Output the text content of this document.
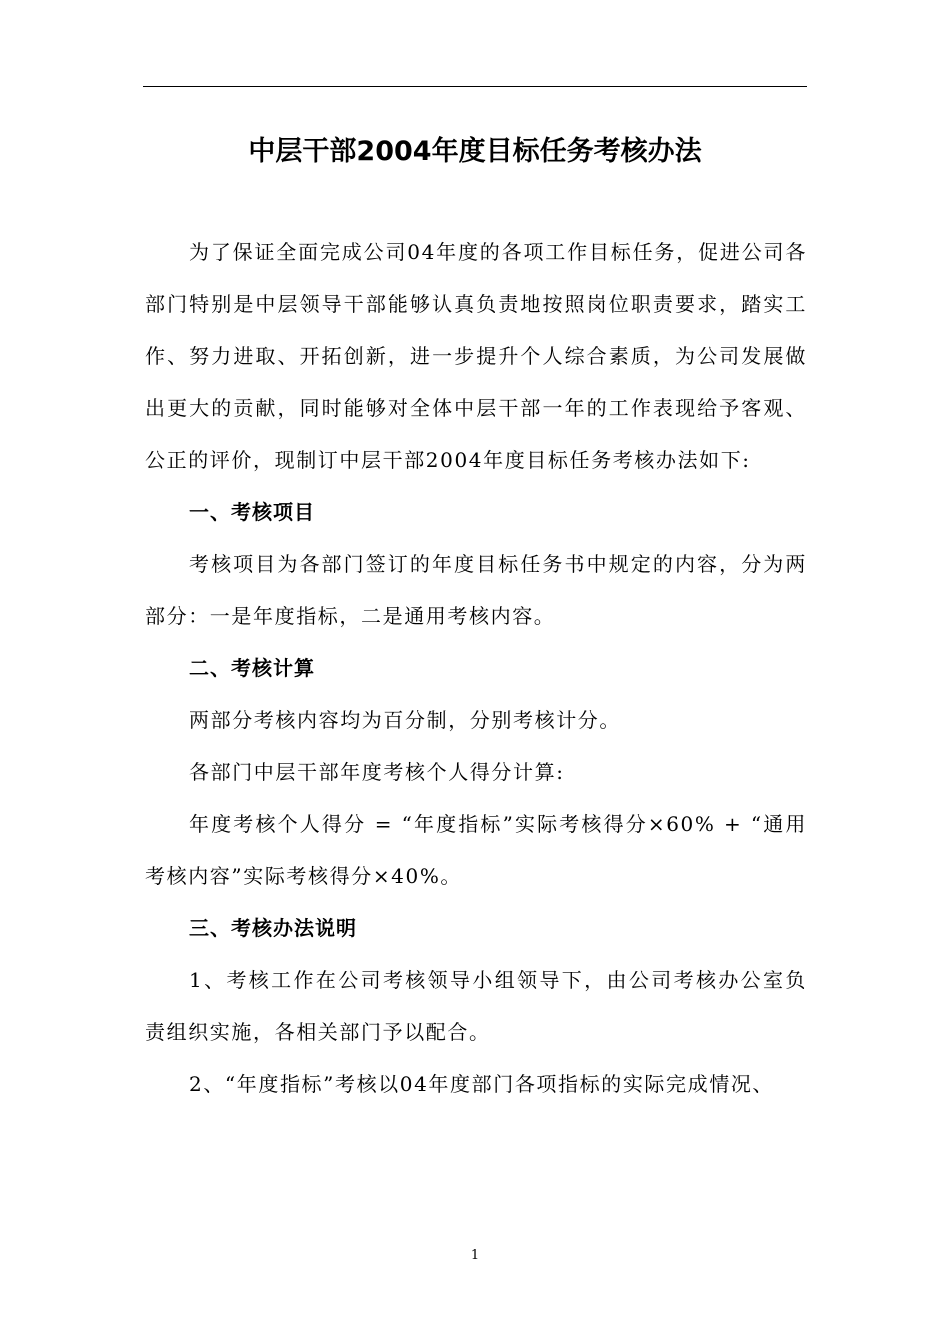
中层干部2004年度目标任务考核办法

为了保证全面完成公司04年度的各项工作目标任务，促进公司各部门特别是中层领导干部能够认真负责地按照岗位职责要求，踏实工作、努力进取、开拓创新，进一步提升个人综合素质，为公司发展做出更大的贡献，同时能够对全体中层干部一年的工作表现给予客观、公正的评价，现制订中层干部2004年度目标任务考核办法如下:

一、考核项目

考核项目为各部门签订的年度目标任务书中规定的内容，分为两部分：一是年度指标，二是通用考核内容。

二、考核计算

两部分考核内容均为百分制，分别考核计分。

各部门中层干部年度考核个人得分计算:

年度考核个人得分 = “年度指标”实际考核得分×60% + “通用考核内容”实际考核得分×40%。

三、考核办法说明

1、考核工作在公司考核领导小组领导下，由公司考核办公室负责组织实施，各相关部门予以配合。

2、“年度指标”考核以04年度部门各项指标的实际完成情况、

1
